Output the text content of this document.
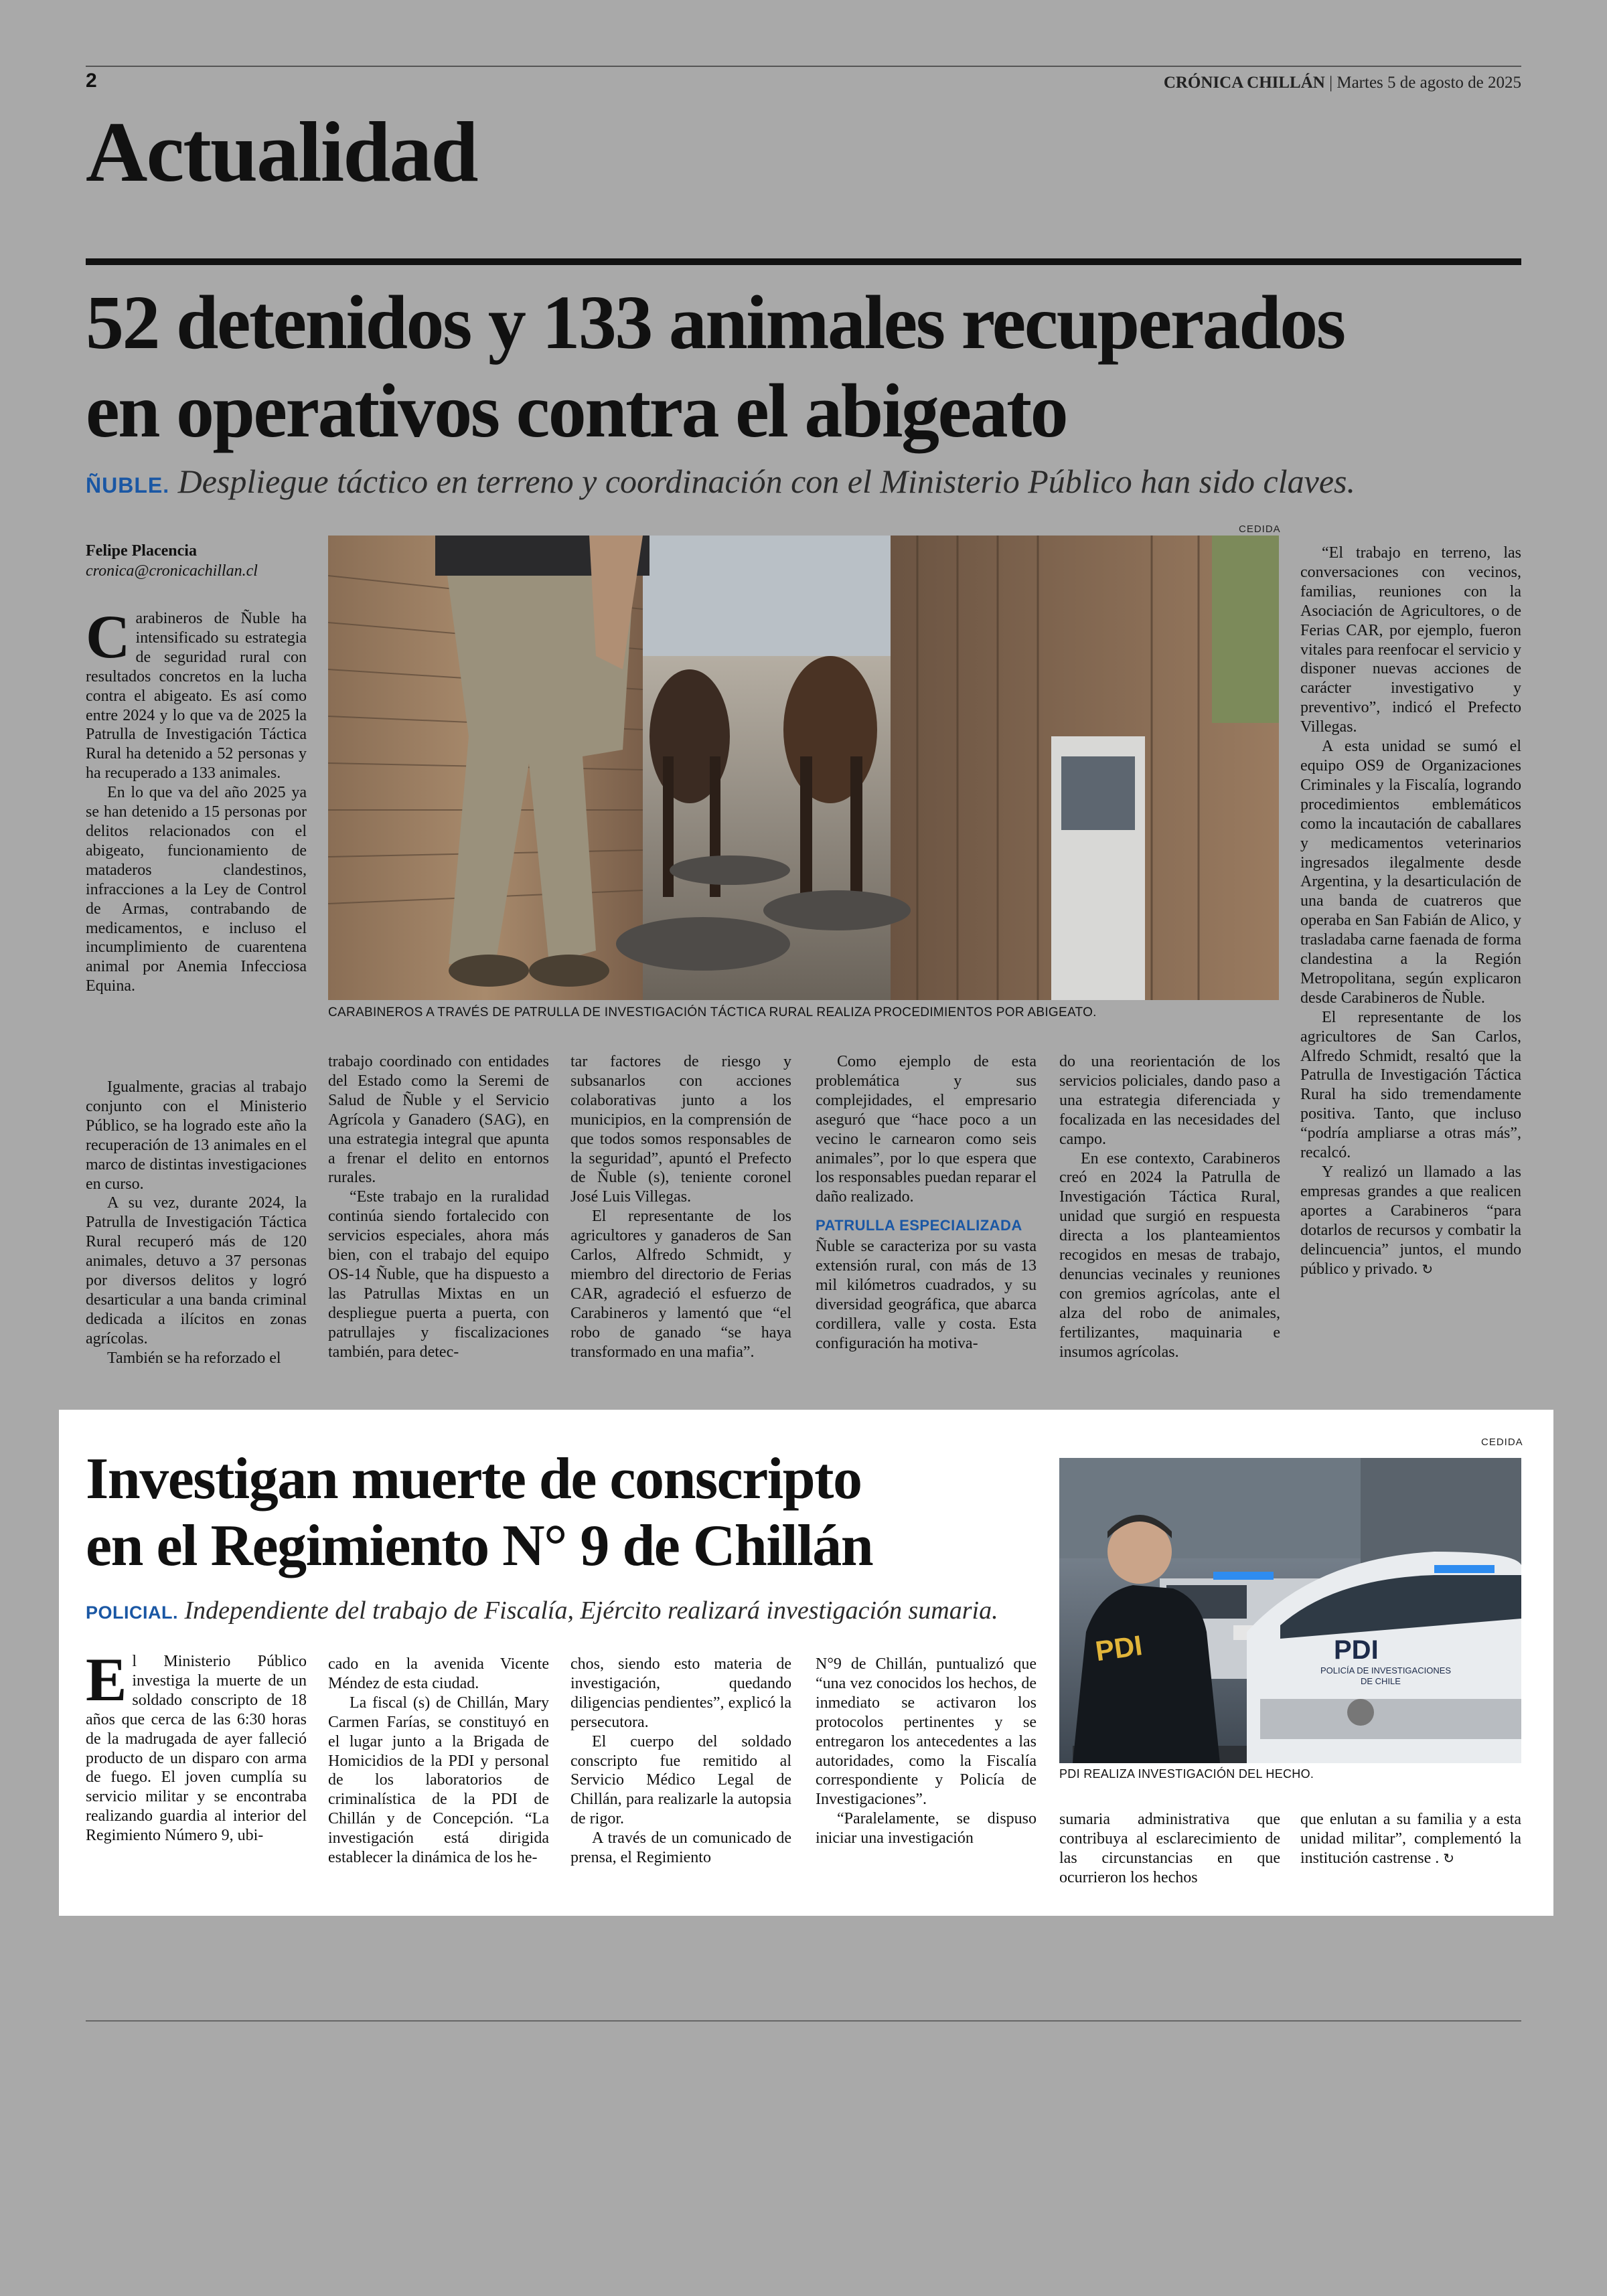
2	CRÓNICA CHILLÁN | Martes 5 de agosto de 2025
Actualidad
52 detenidos y 133 animales recuperados
en operativos contra el abigeato
ÑUBLE. Despliegue táctico en terreno y coordinación con el Ministerio Público han sido claves.
Felipe Placencia
cronica@cronicachillan.cl
CEDIDA
CARABINEROS A TRAVÉS DE PATRULLA DE INVESTIGACIÓN TÁCTICA RURAL REALIZA PROCEDIMIENTOS POR ABIGEATO.

Carabineros de Ñuble ha intensificado su estrategia de seguridad rural con resultados concretos en la lucha contra el abigeato. Es así como entre 2024 y lo que va de 2025 la Patrulla de Investigación Táctica Rural ha detenido a 52 personas y ha recuperado a 133 animales.

En lo que va del año 2025 ya se han detenido a 15 personas por delitos relacionados con el abigeato, funcionamiento de mataderos clandestinos, infracciones a la Ley de Control de Armas, contrabando de medicamentos, e incluso el incumplimiento de cuarentena animal por Anemia Infecciosa Equina.

Igualmente, gracias al trabajo conjunto con el Ministerio Público, se ha logrado este año la recuperación de 13 animales en el marco de distintas investigaciones en curso.

A su vez, durante 2024, la Patrulla de Investigación Táctica Rural recuperó más de 120 animales, detuvo a 37 personas por diversos delitos y logró desarticular a una banda criminal dedicada a ilícitos en zonas agrícolas.

También se ha reforzado el

trabajo coordinado con entidades del Estado como la Seremi de Salud de Ñuble y el Servicio Agrícola y Ganadero (SAG), en una estrategia integral que apunta a frenar el delito en entornos rurales.

“Este trabajo en la ruralidad continúa siendo fortalecido con servicios especiales, ahora más bien, con el trabajo del equipo OS-14 Ñuble, que ha dispuesto a las Patrullas Mixtas en un despliegue puerta a puerta, con patrullajes y fiscalizaciones también, para detec-

tar factores de riesgo y subsanarlos con acciones colaborativas junto a los municipios, en la comprensión de que todos somos responsables de la seguridad”, apuntó el Prefecto de Ñuble (s), teniente coronel José Luis Villegas.

El representante de los agricultores y ganaderos de San Carlos, Alfredo Schmidt, y miembro del directorio de Ferias CAR, agradeció el esfuerzo de Carabineros y lamentó que “el robo de ganado “se haya transformado en una mafia”.

Como ejemplo de esta problemática y sus complejidades, el empresario aseguró que “hace poco a un vecino le carnearon como seis animales”, por lo que espera que los responsables puedan reparar el daño realizado.

PATRULLA ESPECIALIZADA

Ñuble se caracteriza por su vasta extensión rural, con más de 13 mil kilómetros cuadrados, y su diversidad geográfica, que abarca cordillera, valle y costa. Esta configuración ha motiva-

do una reorientación de los servicios policiales, dando paso a una estrategia diferenciada y focalizada en las necesidades del campo.

En ese contexto, Carabineros creó en 2024 la Patrulla de Investigación Táctica Rural, unidad que surgió en respuesta directa a los planteamientos recogidos en mesas de trabajo, denuncias vecinales y reuniones con gremios agrícolas, ante el alza del robo de animales, fertilizantes, maquinaria e insumos agrícolas.

“El trabajo en terreno, las conversaciones con vecinos, familias, reuniones con la Asociación de Agricultores, o de Ferias CAR, por ejemplo, fueron vitales para reenfocar el servicio y disponer nuevas acciones de carácter investigativo y preventivo”, indicó el Prefecto Villegas.

A esta unidad se sumó el equipo OS9 de Organizaciones Criminales y la Fiscalía, logrando procedimientos emblemáticos como la incautación de caballares y medicamentos veterinarios ingresados ilegalmente desde Argentina, y la desarticulación de una banda de cuatreros que operaba en San Fabián de Alico, y trasladaba carne faenada de forma clandestina a la Región Metropolitana, según explicaron desde Carabineros de Ñuble.

El representante de los agricultores de San Carlos, Alfredo Schmidt, resaltó que la Patrulla de Investigación Táctica Rural ha sido tremendamente positiva. Tanto, que incluso “podría ampliarse a otras más”, recalcó.

Y realizó un llamado a las empresas grandes a que realicen aportes a Carabineros “para dotarlos de recursos y combatir la delincuencia” juntos, el mundo público y privado. ↻

Investigan muerte de conscripto
en el Regimiento N° 9 de Chillán
POLICIAL. Independiente del trabajo de Fiscalía, Ejército realizará investigación sumaria.
CEDIDA
PDI
POLICÍA DE INVESTIGACIONES
DE CHILE
PDI
PDI REALIZA INVESTIGACIÓN DEL HECHO.

El Ministerio Público investiga la muerte de un soldado conscripto de 18 años que cerca de las 6:30 horas de la madrugada de ayer falleció producto de un disparo con arma de fuego. El joven cumplía su servicio militar y se encontraba realizando guardia al interior del Regimiento Número 9, ubi-

cado en la avenida Vicente Méndez de esta ciudad.

La fiscal (s) de Chillán, Mary Carmen Farías, se constituyó en el lugar junto a la Brigada de Homicidios de la PDI y personal de los laboratorios de criminalística de la PDI de Chillán y de Concepción. “La investigación está dirigida establecer la dinámica de los he-

chos, siendo esto materia de investigación, quedando diligencias pendientes”, explicó la persecutora.

El cuerpo del soldado conscripto fue remitido al Servicio Médico Legal de Chillán, para realizarle la autopsia de rigor.

A través de un comunicado de prensa, el Regimiento

N°9 de Chillán, puntualizó que “una vez conocidos los hechos, de inmediato se activaron los protocolos pertinentes y se entregaron los antecedentes a las autoridades, como la Fiscalía correspondiente y Policía de Investigaciones”.

“Paralelamente, se dispuso iniciar una investigación

sumaria administrativa que contribuya al esclarecimiento de las circunstancias en que ocurrieron los hechos

que enlutan a su familia y a esta unidad militar”, complementó la institución castrense . ↻
